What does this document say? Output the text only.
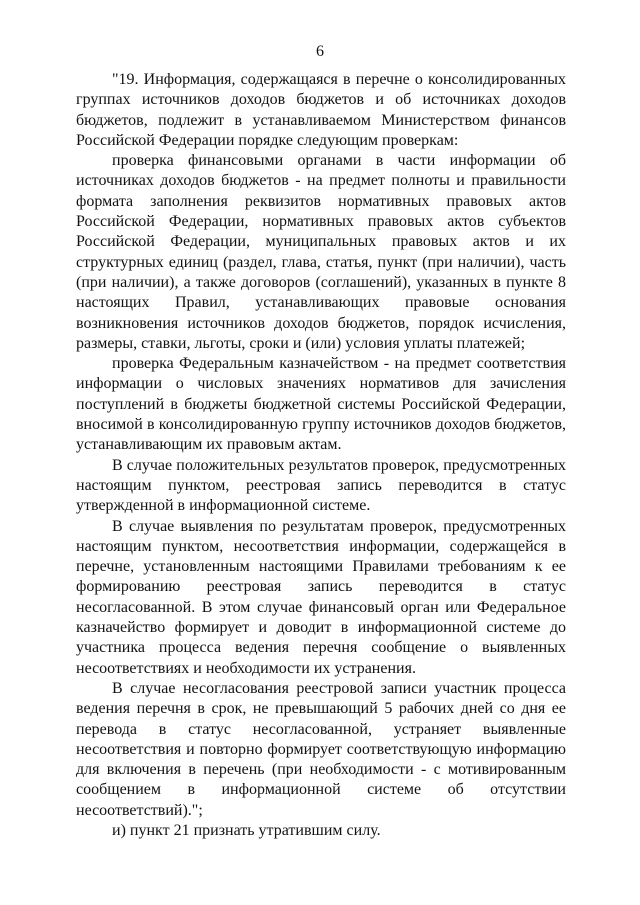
6

"19. Информация, содержащаяся в перечне о консолидированных группах источников доходов бюджетов и об источниках доходов бюджетов, подлежит в устанавливаемом Министерством финансов Российской Федерации порядке следующим проверкам:

проверка финансовыми органами в части информации об источниках доходов бюджетов - на предмет полноты и правильности формата заполнения реквизитов нормативных правовых актов Российской Федерации, нормативных правовых актов субъектов Российской Федерации, муниципальных правовых актов и их структурных единиц (раздел, глава, статья, пункт (при наличии), часть (при наличии), а также договоров (соглашений), указанных в пункте 8 настоящих Правил, устанавливающих правовые основания возникновения источников доходов бюджетов, порядок исчисления, размеры, ставки, льготы, сроки и (или) условия уплаты платежей;

проверка Федеральным казначейством - на предмет соответствия информации о числовых значениях нормативов для зачисления поступлений в бюджеты бюджетной системы Российской Федерации, вносимой в консолидированную группу источников доходов бюджетов, устанавливающим их правовым актам.

В случае положительных результатов проверок, предусмотренных настоящим пунктом, реестровая запись переводится в статус утвержденной в информационной системе.

В случае выявления по результатам проверок, предусмотренных настоящим пунктом, несоответствия информации, содержащейся в перечне, установленным настоящими Правилами требованиям к ее формированию реестровая запись переводится в статус несогласованной. В этом случае финансовый орган или Федеральное казначейство формирует и доводит в информационной системе до участника процесса ведения перечня сообщение о выявленных несоответствиях и необходимости их устранения.

В случае несогласования реестровой записи участник процесса ведения перечня в срок, не превышающий 5 рабочих дней со дня ее перевода в статус несогласованной, устраняет выявленные несоответствия и повторно формирует соответствующую информацию для включения в перечень (при необходимости - с мотивированным сообщением в информационной системе об отсутствии несоответствий).";

и) пункт 21 признать утратившим силу.
